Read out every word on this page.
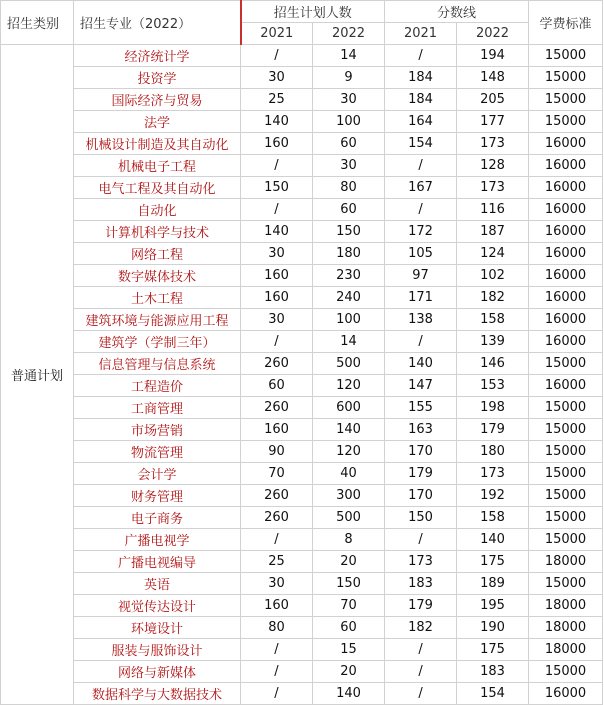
招生类别	招生专业（2022）	招生计划人数		分数线		学费标准
		2021	2022	2021	2022	
普通计划	经济统计学	/	14	/	194	15000
	投资学	30	9	184	148	15000
	国际经济与贸易	25	30	184	205	15000
	法学	140	100	164	177	15000
	机械设计制造及其自动化	160	60	154	173	16000
	机械电子工程	/	30	/	128	16000
	电气工程及其自动化	150	80	167	173	16000
	自动化	/	60	/	116	16000
	计算机科学与技术	140	150	172	187	16000
	网络工程	30	180	105	124	16000
	数字媒体技术	160	230	97	102	16000
	土木工程	160	240	171	182	16000
	建筑环境与能源应用工程	30	100	138	158	16000
	建筑学（学制三年）	/	14	/	139	16000
	信息管理与信息系统	260	500	140	146	15000
	工程造价	60	120	147	153	16000
	工商管理	260	600	155	198	15000
	市场营销	160	140	163	179	15000
	物流管理	90	120	170	180	15000
	会计学	70	40	179	173	15000
	财务管理	260	300	170	192	15000
	电子商务	260	500	150	158	15000
	广播电视学	/	8	/	140	15000
	广播电视编导	25	20	173	175	18000
	英语	30	150	183	189	15000
	视觉传达设计	160	70	179	195	18000
	环境设计	80	60	182	190	18000
	服装与服饰设计	/	15	/	175	18000
	网络与新媒体	/	20	/	183	15000
	数据科学与大数据技术	/	140	/	154	16000
